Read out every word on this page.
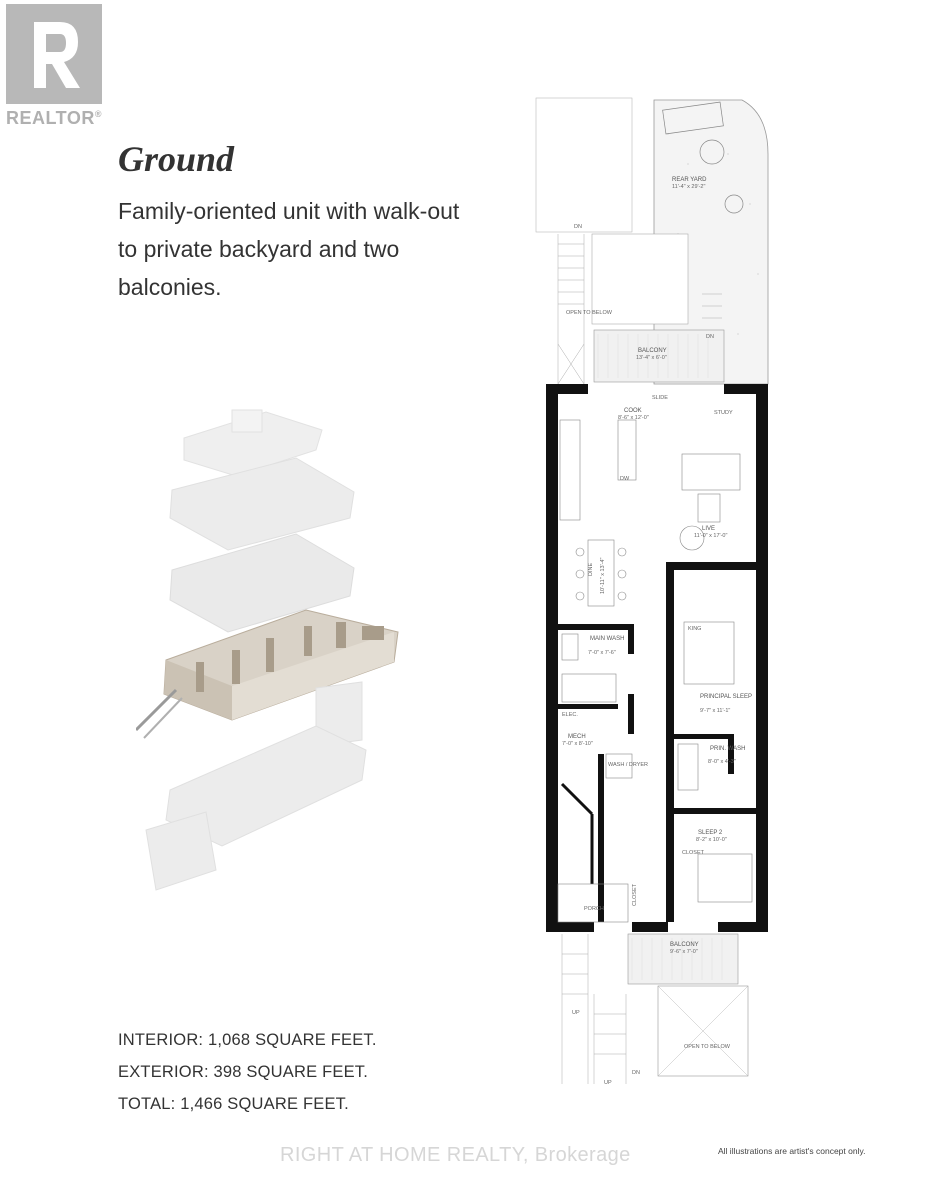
REALTOR®
Ground
Family-oriented unit with walk-out to private backyard and two balconies.
REAR YARD
11'-4" x 29'-2"
DN
OPEN TO BELOW
BALCONY
13'-4" x 6'-0"
DN
SLIDE
COOK
8'-6" x 12'-0"
DW
STUDY
LIVE
11'-0" x 17'-0"
DINE 10'-11" x 13'-4"
MAIN WASH
7'-0" x 7'-6"
ELEC.
MECH
7'-0" x 8'-10"
WASH / DRYER
KING
PRINCIPAL SLEEP
9'-7" x 11'-1"
PRIN. WASH
8'-0" x 4'-3"
SLEEP 2
8'-2" x 10'-0"
CLOSET
PORCH
CLOSET
BALCONY
9'-6" x 7'-0"
OPEN TO BELOW
UP
UP
DN
INTERIOR: 1,068 SQUARE FEET.
EXTERIOR: 398 SQUARE FEET.
TOTAL: 1,466 SQUARE FEET.
RIGHT AT HOME REALTY, Brokerage	All illustrations are artist's concept only.
